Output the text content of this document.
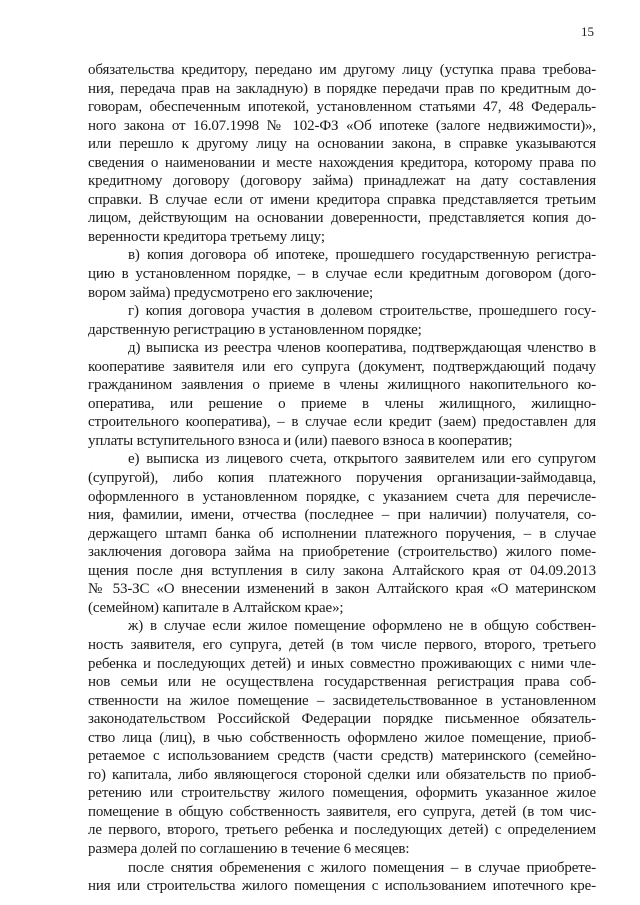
15
обязательства кредитору, передано им другому лицу (уступка права требова-
ния, передача прав на закладную) в порядке передачи прав по кредитным до-
говорам, обеспеченным ипотекой, установленном статьями 47, 48 Федераль-
ного закона от 16.07.1998 № 102-ФЗ «Об ипотеке (залоге недвижимости)»,
или перешло к другому лицу на основании закона, в справке указываются
сведения о наименовании и месте нахождения кредитора, которому права по
кредитному договору (договору займа) принадлежат на дату составления
справки. В случае если от имени кредитора справка представляется третьим
лицом, действующим на основании доверенности, представляется копия до-
веренности кредитора третьему лицу;
в) копия договора об ипотеке, прошедшего государственную регистра-
цию в установленном порядке, – в случае если кредитным договором (дого-
вором займа) предусмотрено его заключение;
г) копия договора участия в долевом строительстве, прошедшего госу-
дарственную регистрацию в установленном порядке;
д) выписка из реестра членов кооператива, подтверждающая членство в
кооперативе заявителя или его супруга (документ, подтверждающий подачу
гражданином заявления о приеме в члены жилищного накопительного ко-
оператива, или решение о приеме в члены жилищного, жилищно-
строительного кооператива), – в случае если кредит (заем) предоставлен для
уплаты вступительного взноса и (или) паевого взноса в кооператив;
е) выписка из лицевого счета, открытого заявителем или его супругом
(супругой), либо копия платежного поручения организации-займодавца,
оформленного в установленном порядке, с указанием счета для перечисле-
ния, фамилии, имени, отчества (последнее – при наличии) получателя, со-
держащего штамп банка об исполнении платежного поручения, – в случае
заключения договора займа на приобретение (строительство) жилого поме-
щения после дня вступления в силу закона Алтайского края от 04.09.2013
№ 53-ЗС «О внесении изменений в закон Алтайского края «О материнском
(семейном) капитале в Алтайском крае»;
ж) в случае если жилое помещение оформлено не в общую собствен-
ность заявителя, его супруга, детей (в том числе первого, второго, третьего
ребенка и последующих детей) и иных совместно проживающих с ними чле-
нов семьи или не осуществлена государственная регистрация права соб-
ственности на жилое помещение – засвидетельствованное в установленном
законодательством Российской Федерации порядке письменное обязатель-
ство лица (лиц), в чью собственность оформлено жилое помещение, приоб-
ретаемое с использованием средств (части средств) материнского (семейно-
го) капитала, либо являющегося стороной сделки или обязательств по приоб-
ретению или строительству жилого помещения, оформить указанное жилое
помещение в общую собственность заявителя, его супруга, детей (в том чис-
ле первого, второго, третьего ребенка и последующих детей) с определением
размера долей по соглашению в течение 6 месяцев:
после снятия обременения с жилого помещения – в случае приобрете-
ния или строительства жилого помещения с использованием ипотечного кре-
